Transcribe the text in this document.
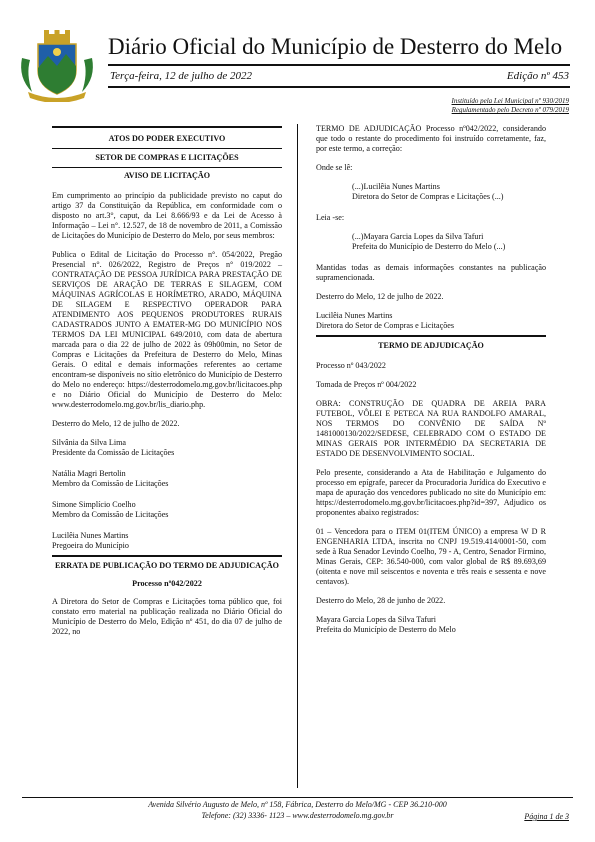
Diário Oficial do Município de Desterro do Melo
Terça-feira, 12 de julho de 2022	Edição nº 453
Instituído pela Lei Municipal nº 930/2019
Regulamentado pelo Decreto nº 079/2019

ATOS DO PODER EXECUTIVO

SETOR DE COMPRAS E LICITAÇÕES

AVISO DE LICITAÇÃO

Em cumprimento ao princípio da publicidade previsto no caput do artigo 37 da Constituição da República, em conformidade com o disposto no art.3°, caput, da Lei 8.666/93 e da Lei de Acesso à Informação – Lei n°. 12.527, de 18 de novembro de 2011, a Comissão de Licitações do Município de Desterro do Melo, por seus membros:

Publica o Edital de Licitação do Processo n°. 054/2022, Pregão Presencial n°. 026/2022, Registro de Preços n° 019/2022 – CONTRATAÇÃO DE PESSOA JURÍDICA PARA PRESTAÇÃO DE SERVIÇOS DE ARAÇÃO DE TERRAS E SILAGEM, COM MÁQUINAS AGRÍCOLAS E HORÍMETRO, ARADO, MÁQUINA DE SILAGEM E RESPECTIVO OPERADOR PARA ATENDIMENTO AOS PEQUENOS PRODUTORES RURAIS CADASTRADOS JUNTO A EMATER-MG DO MUNICÍPIO NOS TERMOS DA LEI MUNICIPAL 649/2010, com data de abertura marcada para o dia 22 de julho de 2022 às 09h00min, no Setor de Compras e Licitações da Prefeitura de Desterro do Melo, Minas Gerais. O edital e demais informações referentes ao certame encontram-se disponíveis no sítio eletrônico do Município de Desterro do Melo no endereço: https://desterrodomelo.mg.gov.br/licitacoes.php e no Diário Oficial do Município de Desterro do Melo: www.desterrodomelo.mg.gov.br/lis_diario.php.

Desterro do Melo, 12 de julho de 2022.

Silvânia da Silva Lima

Presidente da Comissão de Licitações

Natália Magri Bertolin

Membro da Comissão de Licitações

Simone Simplício Coelho

Membro da Comissão de Licitações

Lucilêia Nunes Martins

Pregoeira do Município

ERRATA DE PUBLICAÇÃO DO TERMO DE ADJUDICAÇÃO

Processo nº042/2022

A Diretora do Setor de Compras e Licitações torna público que, foi constato erro material na publicação realizada no Diário Oficial do Município de Desterro do Melo, Edição nº 451, do dia 07 de julho de 2022, no

TERMO DE ADJUDICAÇÃO Processo nº042/2022, considerando que todo o restante do procedimento foi instruído corretamente, faz, por este termo, a correção:

Onde se lê:

(...)Lucilêia Nunes Martins

Diretora do Setor de Compras e Licitações (...)

Leia -se:

(...)Mayara Garcia Lopes da Silva Tafuri

Prefeita do Município de Desterro do Melo (...)

Mantidas todas as demais informações constantes na publicação supramencionada.

Desterro do Melo, 12 de julho de 2022.

Lucilêia Nunes Martins

Diretora do Setor de Compras e Licitações

TERMO DE ADJUDICAÇÃO

Processo nº 043/2022

Tomada de Preços nº 004/2022

OBRA: CONSTRUÇÃO DE QUADRA DE AREIA PARA FUTEBOL, VÔLEI E PETECA NA RUA RANDOLFO AMARAL, NOS TERMOS DO CONVÊNIO DE SAÍDA Nº 1481000130/2022/SEDESE, CELEBRADO COM O ESTADO DE MINAS GERAIS POR INTERMÉDIO DA SECRETARIA DE ESTADO DE DESENVOLVIMENTO SOCIAL.

Pelo presente, considerando a Ata de Habilitação e Julgamento do processo em epígrafe, parecer da Procuradoria Jurídica do Executivo e mapa de apuração dos vencedores publicado no site do Município em: https://desterrodomelo.mg.gov.br/licitacoes.php?id=397, Adjudico os proponentes abaixo registrados:

01 – Vencedora para o ITEM 01(ITEM ÚNICO) a empresa W D R ENGENHARIA LTDA, inscrita no CNPJ 19.519.414/0001-50, com sede à Rua Senador Levindo Coelho, 79 - A, Centro, Senador Firmino, Minas Gerais, CEP: 36.540-000, com valor global de R$ 89.693,69 (oitenta e nove mil seiscentos e noventa e três reais e sessenta e nove centavos).

Desterro do Melo, 28 de junho de 2022.

Mayara Garcia Lopes da Silva Tafuri

Prefeita do Município de Desterro do Melo

Avenida Silvério Augusto de Melo, nº 158, Fábrica, Desterro do Melo/MG - CEP 36.210-000
Telefone: (32) 3336- 1123 – www.desterrodomelo.mg.gov.br	Página 1 de 3
